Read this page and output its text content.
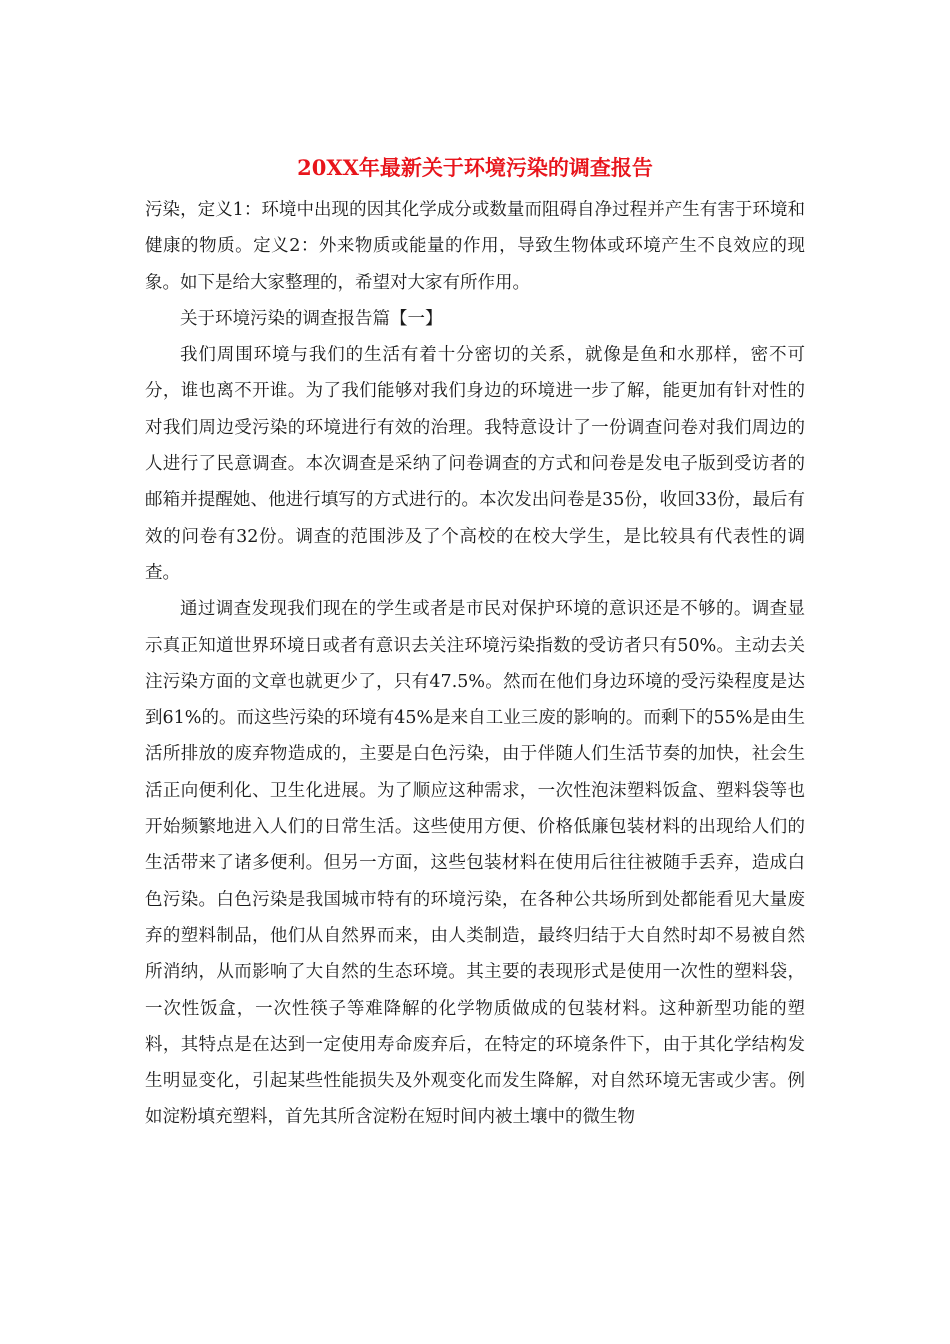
20XX年最新关于环境污染的调查报告

污染，定义1：环境中出现的因其化学成分或数量而阻碍自净过程并产生有害于环境和健康的物质。定义2：外来物质或能量的作用，导致生物体或环境产生不良效应的现象。如下是给大家整理的，希望对大家有所作用。

关于环境污染的调查报告篇【一】

我们周围环境与我们的生活有着十分密切的关系，就像是鱼和水那样，密不可分，谁也离不开谁。为了我们能够对我们身边的环境进一步了解，能更加有针对性的对我们周边受污染的环境进行有效的治理。我特意设计了一份调查问卷对我们周边的人进行了民意调查。本次调查是采纳了问卷调查的方式和问卷是发电子版到受访者的邮箱并提醒她、他进行填写的方式进行的。本次发出问卷是35份，收回33份，最后有效的问卷有32份。调查的范围涉及了个高校的在校大学生，是比较具有代表性的调查。

通过调查发现我们现在的学生或者是市民对保护环境的意识还是不够的。调查显示真正知道世界环境日或者有意识去关注环境污染指数的受访者只有50%。主动去关注污染方面的文章也就更少了，只有47.5%。然而在他们身边环境的受污染程度是达到61%的。而这些污染的环境有45%是来自工业三废的影响的。而剩下的55%是由生活所排放的废弃物造成的，主要是白色污染，由于伴随人们生活节奏的加快，社会生活正向便利化、卫生化进展。为了顺应这种需求，一次性泡沫塑料饭盒、塑料袋等也开始频繁地进入人们的日常生活。这些使用方便、价格低廉包装材料的出现给人们的生活带来了诸多便利。但另一方面，这些包装材料在使用后往往被随手丢弃，造成白色污染。白色污染是我国城市特有的环境污染，在各种公共场所到处都能看见大量废弃的塑料制品，他们从自然界而来，由人类制造，最终归结于大自然时却不易被自然所消纳，从而影响了大自然的生态环境。其主要的表现形式是使用一次性的塑料袋，一次性饭盒，一次性筷子等难降解的化学物质做成的包装材料。这种新型功能的塑料，其特点是在达到一定使用寿命废弃后，在特定的环境条件下，由于其化学结构发生明显变化，引起某些性能损失及外观变化而发生降解，对自然环境无害或少害。例如淀粉填充塑料，首先其所含淀粉在短时间内被土壤中的微生物
